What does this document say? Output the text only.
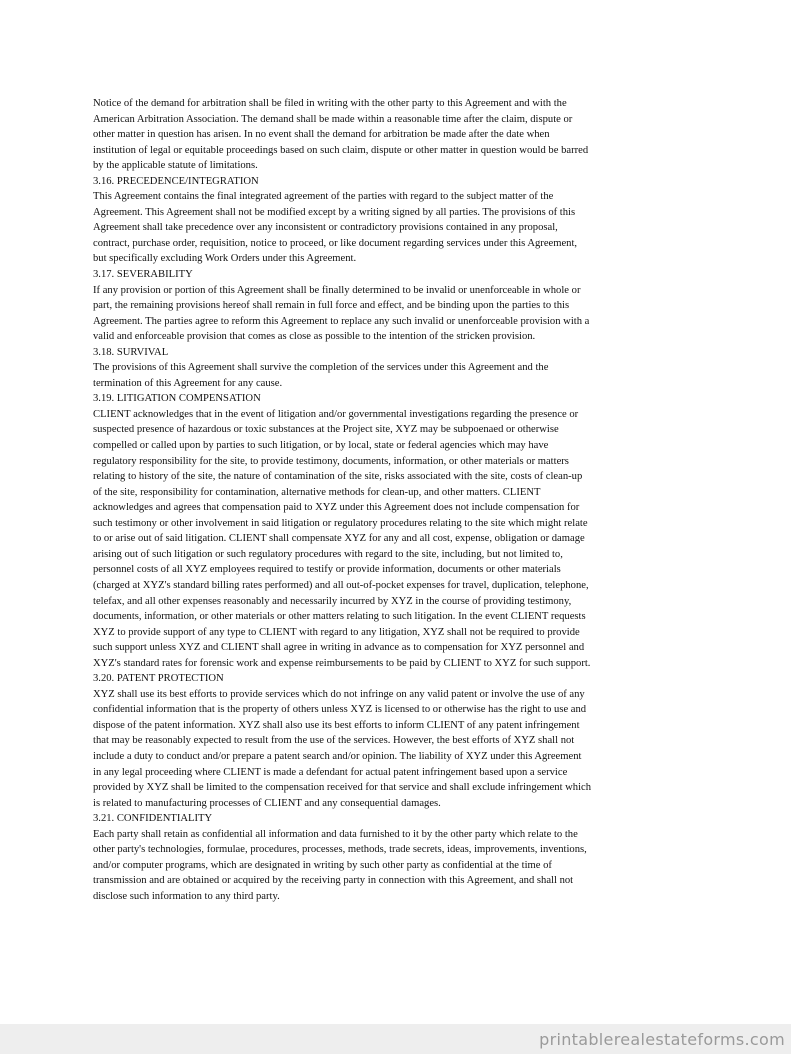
Notice of the demand for arbitration shall be filed in writing with the other party to this Agreement and with the
American Arbitration Association. The demand shall be made within a reasonable time after the claim, dispute or
other matter in question has arisen. In no event shall the demand for arbitration be made after the date when
institution of legal or equitable proceedings based on such claim, dispute or other matter in question would be barred
by the applicable statute of limitations.
3.16. PRECEDENCE/INTEGRATION
This Agreement contains the final integrated agreement of the parties with regard to the subject matter of the
Agreement. This Agreement shall not be modified except by a writing signed by all parties. The provisions of this
Agreement shall take precedence over any inconsistent or contradictory provisions contained in any proposal,
contract, purchase order, requisition, notice to proceed, or like document regarding services under this Agreement,
but specifically excluding Work Orders under this Agreement.
3.17. SEVERABILITY
If any provision or portion of this Agreement shall be finally determined to be invalid or unenforceable in whole or
part, the remaining provisions hereof shall remain in full force and effect, and be binding upon the parties to this
Agreement. The parties agree to reform this Agreement to replace any such invalid or unenforceable provision with a
valid and enforceable provision that comes as close as possible to the intention of the stricken provision.
3.18. SURVIVAL
The provisions of this Agreement shall survive the completion of the services under this Agreement and the
termination of this Agreement for any cause.
3.19. LITIGATION COMPENSATION
CLIENT acknowledges that in the event of litigation and/or governmental investigations regarding the presence or
suspected presence of hazardous or toxic substances at the Project site, XYZ may be subpoenaed or otherwise
compelled or called upon by parties to such litigation, or by local, state or federal agencies which may have
regulatory responsibility for the site, to provide testimony, documents, information, or other materials or matters
relating to history of the site, the nature of contamination of the site, risks associated with the site, costs of clean-up
of the site, responsibility for contamination, alternative methods for clean-up, and other matters. CLIENT
acknowledges and agrees that compensation paid to XYZ under this Agreement does not include compensation for
such testimony or other involvement in said litigation or regulatory procedures relating to the site which might relate
to or arise out of said litigation. CLIENT shall compensate XYZ for any and all cost, expense, obligation or damage
arising out of such litigation or such regulatory procedures with regard to the site, including, but not limited to,
personnel costs of all XYZ employees required to testify or provide information, documents or other materials
(charged at XYZ's standard billing rates performed) and all out-of-pocket expenses for travel, duplication, telephone,
telefax, and all other expenses reasonably and necessarily incurred by XYZ in the course of providing testimony,
documents, information, or other materials or other matters relating to such litigation. In the event CLIENT requests
XYZ to provide support of any type to CLIENT with regard to any litigation, XYZ shall not be required to provide
such support unless XYZ and CLIENT shall agree in writing in advance as to compensation for XYZ personnel and
XYZ's standard rates for forensic work and expense reimbursements to be paid by CLIENT to XYZ for such support.
3.20. PATENT PROTECTION
XYZ shall use its best efforts to provide services which do not infringe on any valid patent or involve the use of any
confidential information that is the property of others unless XYZ is licensed to or otherwise has the right to use and
dispose of the patent information. XYZ shall also use its best efforts to inform CLIENT of any patent infringement
that may be reasonably expected to result from the use of the services. However, the best efforts of XYZ shall not
include a duty to conduct and/or prepare a patent search and/or opinion. The liability of XYZ under this Agreement
in any legal proceeding where CLIENT is made a defendant for actual patent infringement based upon a service
provided by XYZ shall be limited to the compensation received for that service and shall exclude infringement which
is related to manufacturing processes of CLIENT and any consequential damages.
3.21. CONFIDENTIALITY
Each party shall retain as confidential all information and data furnished to it by the other party which relate to the
other party's technologies, formulae, procedures, processes, methods, trade secrets, ideas, improvements, inventions,
and/or computer programs, which are designated in writing by such other party as confidential at the time of
transmission and are obtained or acquired by the receiving party in connection with this Agreement, and shall not
disclose such information to any third party.
printablerealestateforms.com
